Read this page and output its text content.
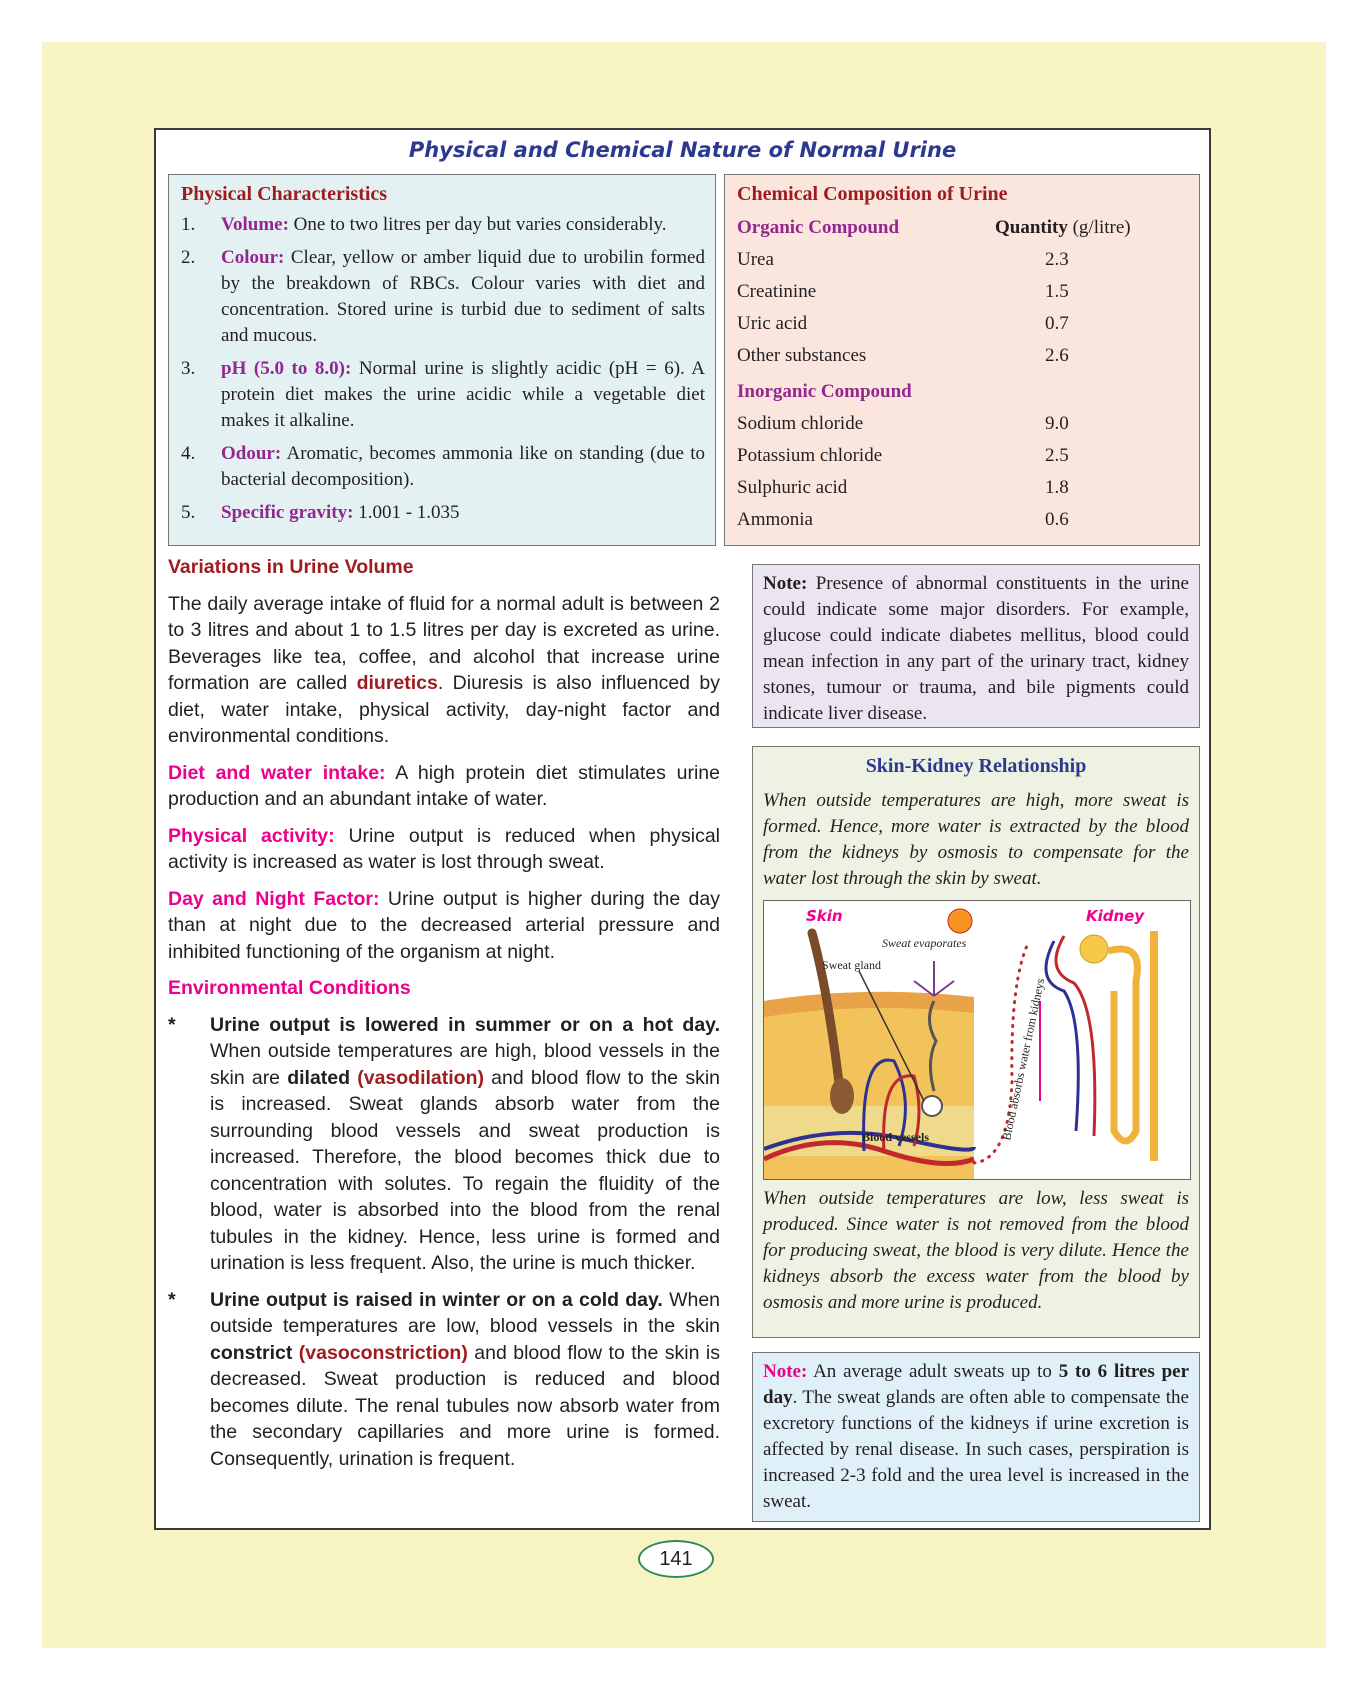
Physical and Chemical Nature of Normal Urine
Physical Characteristics
1.	Volume: One to two litres per day but varies considerably.
2.	Colour: Clear, yellow or amber liquid due to urobilin formed by the breakdown of RBCs. Colour varies with diet and concentration. Stored urine is turbid due to sediment of salts and mucous.
3.	pH (5.0 to 8.0): Normal urine is slightly acidic (pH = 6). A protein diet makes the urine acidic while a vegetable diet makes it alkaline.
4.	Odour: Aromatic, becomes ammonia like on standing (due to bacterial decomposition).
5.	Specific gravity: 1.001 - 1.035
Chemical Composition of Urine
Organic Compound	Quantity (g/litre)
Urea	2.3
Creatinine	1.5
Uric acid	0.7
Other substances	2.6
Inorganic Compound
Sodium chloride	9.0
Potassium chloride	2.5
Sulphuric acid	1.8
Ammonia	0.6
Variations in Urine Volume

The daily average intake of fluid for a normal adult is between 2 to 3 litres and about 1 to 1.5 litres per day is excreted as urine. Beverages like tea, coffee, and alcohol that increase urine formation are called diuretics. Diuresis is also influenced by diet, water intake, physical activity, day-night factor and environmental conditions.

Diet and water intake: A high protein diet stimulates urine production and an abundant intake of water.

Physical activity: Urine output is reduced when physical activity is increased as water is lost through sweat.

Day and Night Factor: Urine output is higher during the day than at night due to the decreased arterial pressure and inhibited functioning of the organism at night.

Environmental Conditions
*	Urine output is lowered in summer or on a hot day. When outside temperatures are high, blood vessels in the skin are dilated (vasodilation) and blood flow to the skin is increased. Sweat glands absorb water from the surrounding blood vessels and sweat production is increased. Therefore, the blood becomes thick due to concentration with solutes. To regain the fluidity of the blood, water is absorbed into the blood from the renal tubules in the kidney. Hence, less urine is formed and urination is less frequent. Also, the urine is much thicker.
*	Urine output is raised in winter or on a cold day. When outside temperatures are low, blood vessels in the skin constrict (vasoconstriction) and blood flow to the skin is decreased. Sweat production is reduced and blood becomes dilute. The renal tubules now absorb water from the secondary capillaries and more urine is formed. Consequently, urination is frequent.
Note: Presence of abnormal constituents in the urine could indicate some major disorders. For example, glucose could indicate diabetes mellitus, blood could mean infection in any part of the urinary tract, kidney stones, tumour or trauma, and bile pigments could indicate liver disease.
Skin-Kidney Relationship
When outside temperatures are high, more sweat is formed. Hence, more water is extracted by the blood from the kidneys by osmosis to compensate for the water lost through the skin by sweat.
Skin	Kidney
Sweat evaporates
Sweat gland
Blood vessels	Blood absorbs water from kidneys
When outside temperatures are low, less sweat is produced. Since water is not removed from the blood for producing sweat, the blood is very dilute. Hence the kidneys absorb the excess water from the blood by osmosis and more urine is produced.
Note: An average adult sweats up to 5 to 6 litres per day. The sweat glands are often able to compensate the excretory functions of the kidneys if urine excretion is affected by renal disease. In such cases, perspiration is increased 2-3 fold and the urea level is increased in the sweat.
141
